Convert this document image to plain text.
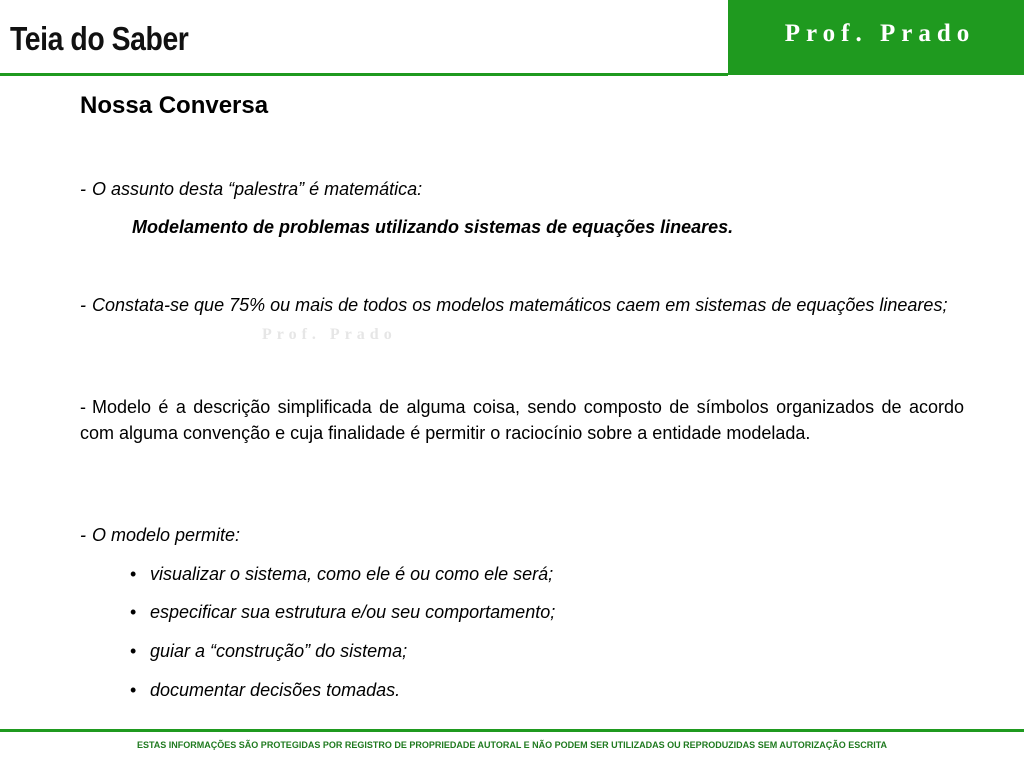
Teia do Saber	Prof. Prado
Nossa Conversa
Prof. Prado
- O assunto desta “palestra” é matemática:
Modelamento de problemas utilizando sistemas de equações lineares.
- Constata-se que 75% ou mais de todos os modelos matemáticos caem em sistemas de equações lineares;
- Modelo é a descrição simplificada de alguma coisa, sendo composto de símbolos organizados de acordo com alguma convenção e cuja finalidade é permitir o raciocínio sobre a entidade modelada.
- O modelo permite:
• visualizar o sistema, como ele é ou como ele será;
• especificar sua estrutura e/ou seu comportamento;
• guiar a “construção” do sistema;
• documentar decisões tomadas.
ESTAS INFORMAÇÕES SÃO PROTEGIDAS POR REGISTRO DE PROPRIEDADE AUTORAL E NÃO PODEM SER UTILIZADAS OU REPRODUZIDAS SEM AUTORIZAÇÃO ESCRITA
